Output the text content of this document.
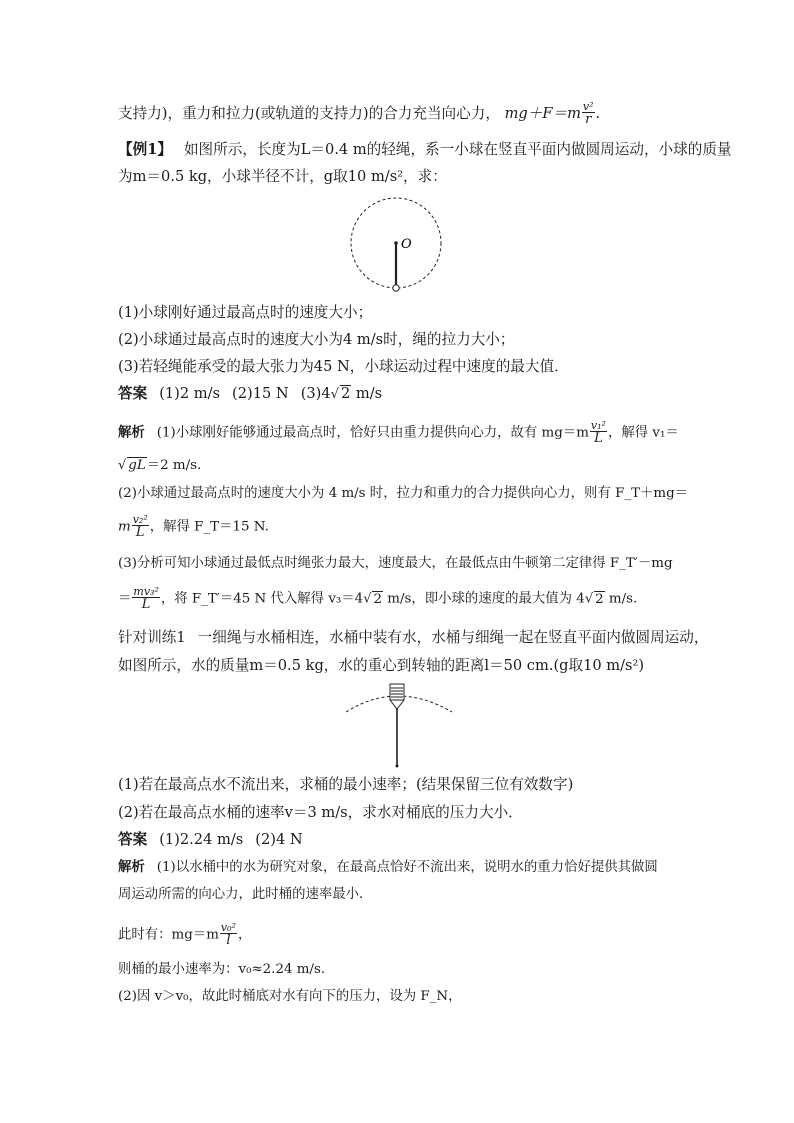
支持力)，重力和拉力(或轨道的支持力)的合力充当向心力， $mg+F=m \frac{\text{v²}}{r}$ .
【例1】 如图所示，长度为L＝0.4 m的轻绳，系一小球在竖直平面内做圆周运动，小球的质量
为m＝0.5 kg，小球半径不计，g取10 m/s²，求：
O
(1)小球刚好通过最高点时的速度大小；
(2)小球通过最高点时的速度大小为4 m/s时，绳的拉力大小；
(3)若轻绳能承受的最大张力为45 N，小球运动过程中速度的最大值．
答案 (1)2 m/s (2)15 N (3)4√ 2 m/s
解析 (1)小球刚好能够通过最高点时，恰好只由重力提供向心力，故有 $mg=m \frac{\text{v₁²}}{L}$ ，解得 v₁＝
√ gL＝2 m/s.
(2)小球通过最高点时的速度大小为 4 m/s 时，拉力和重力的合力提供向心力，则有 F_T＋mg＝
m $\frac{\text{v₂²}}{L}$ ，解得 F_T＝15 N.
(3)分析可知小球通过最低点时绳张力最大，速度最大，在最低点由牛顿第二定律得 F_T′－mg
＝ $\frac{\text{mv₃²}}{L}$ ，将 F_T′＝45 N 代入解得 v₃＝4√ 2 m/s，即小球的速度的最大值为 4√ 2 m/s.
针对训练1 一细绳与水桶相连，水桶中装有水，水桶与细绳一起在竖直平面内做圆周运动，
如图所示，水的质量m＝0.5 kg，水的重心到转轴的距离l＝50 cm.(g取10 m/s²)
(1)若在最高点水不流出来，求桶的最小速率；(结果保留三位有效数字)
(2)若在最高点水桶的速率v＝3 m/s，求水对桶底的压力大小．
答案 (1)2.24 m/s (2)4 N
解析 (1)以水桶中的水为研究对象，在最高点恰好不流出来，说明水的重力恰好提供其做圆
周运动所需的向心力，此时桶的速率最小．
此时有：$mg=m \frac{\text{v₀²}}{l}$ ，
则桶的最小速率为：v₀≈2.24 m/s.
(2)因 v＞v₀，故此时桶底对水有向下的压力，设为 F_N，
